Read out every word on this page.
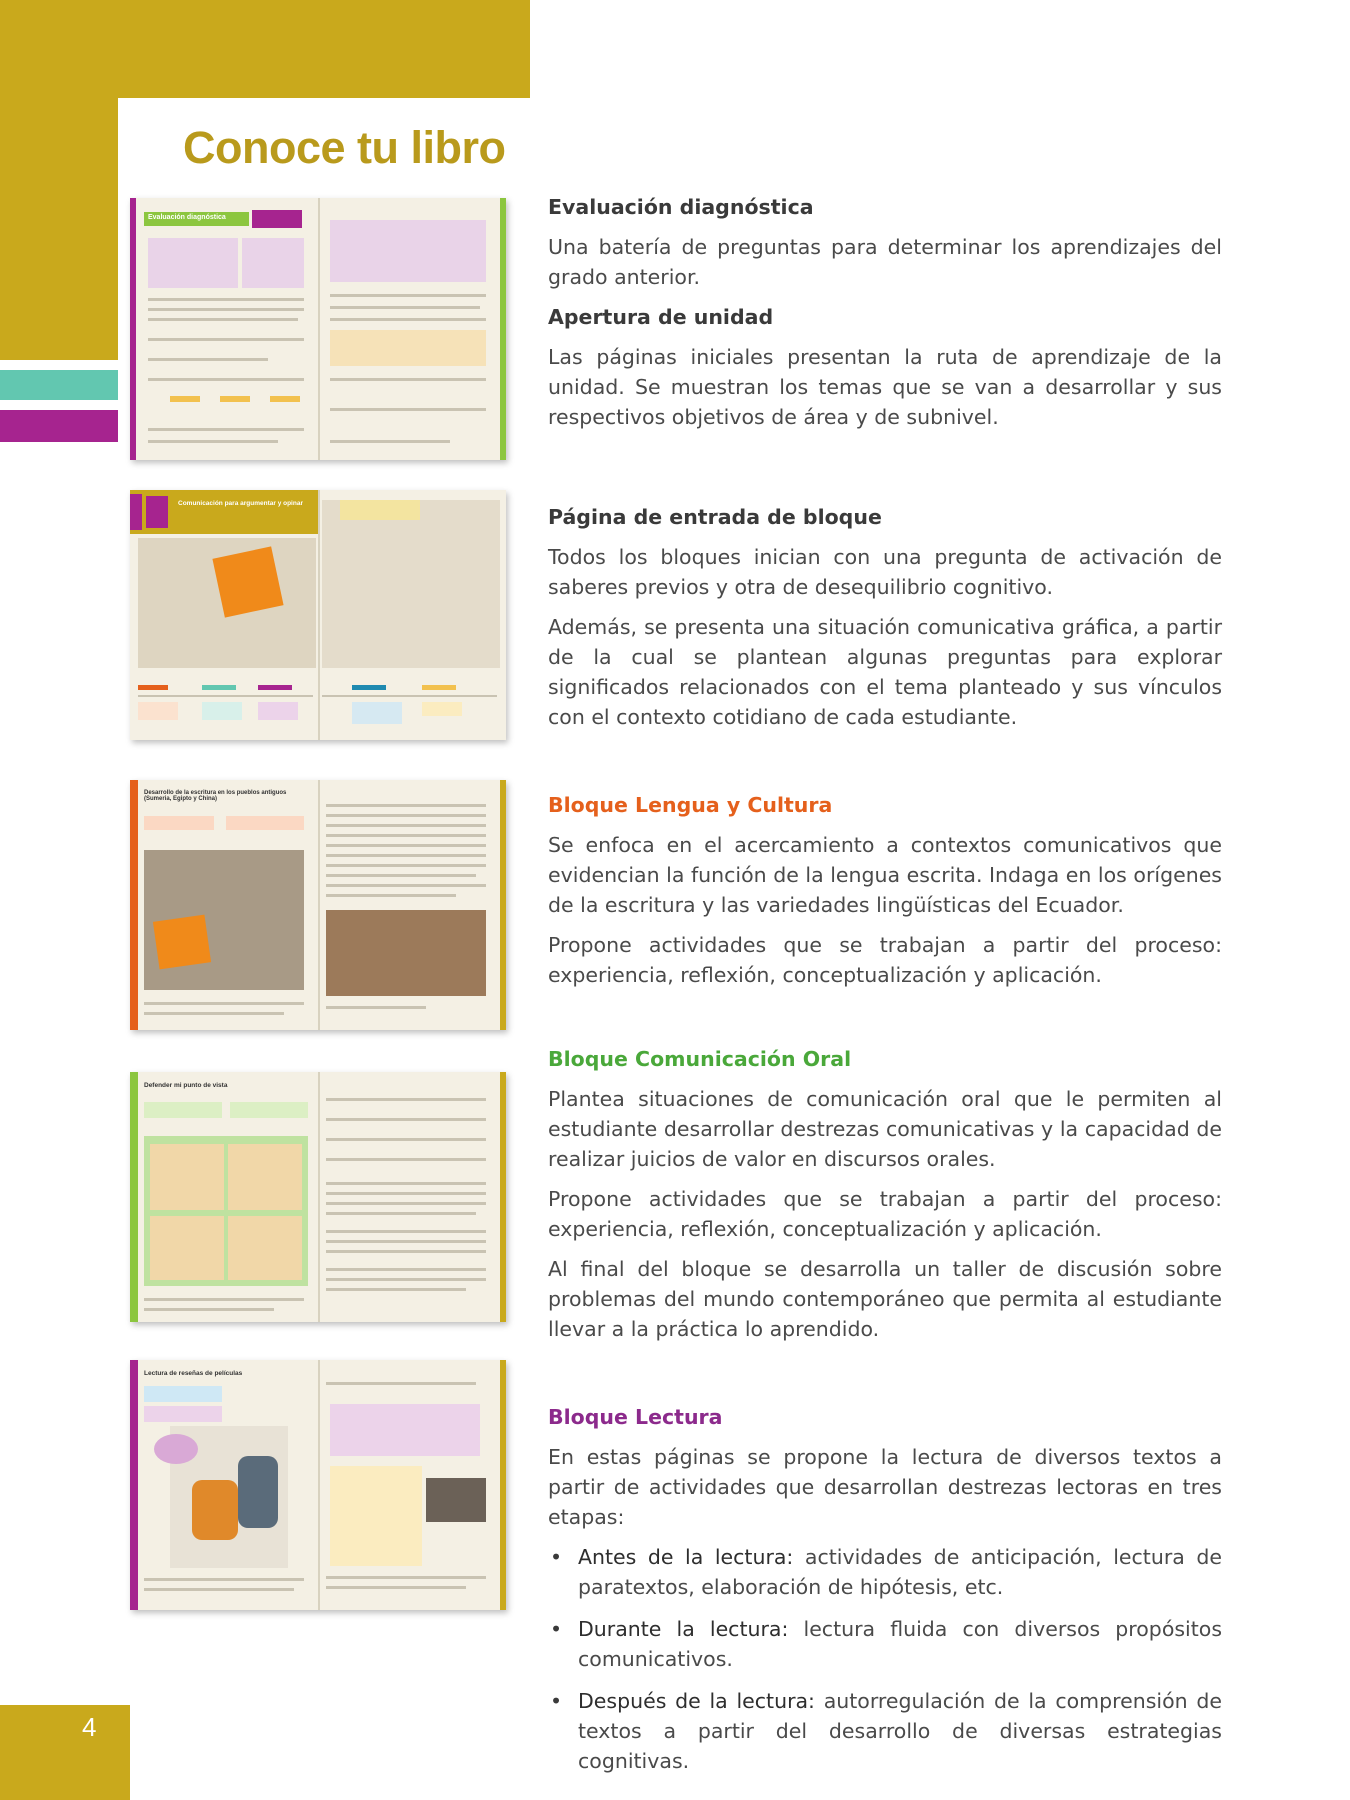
4
Conoce tu libro
Evaluación diagnóstica
Comunicación para argumentar y opinar
Desarrollo de la escritura en los pueblos antiguos (Sumeria, Egipto y China)
Defender mi punto de vista
Lectura de reseñas de películas
Evaluación diagnóstica

Una batería de preguntas para determinar los aprendizajes del grado anterior.

Apertura de unidad

Las páginas iniciales presentan la ruta de aprendizaje de la unidad. Se muestran los temas que se van a desarrollar y sus respectivos objetivos de área y de subnivel.

Página de entrada de bloque

Todos los bloques inician con una pregunta de activación de saberes previos y otra de desequilibrio cognitivo.

Además, se presenta una situación comunicativa gráfica, a partir de la cual se plantean algunas preguntas para explorar significados relacionados con el tema planteado y sus vínculos con el contexto cotidiano de cada estudiante.

Bloque Lengua y Cultura

Se enfoca en el acercamiento a contextos comunicativos que evidencian la función de la lengua escrita. Indaga en los orígenes de la escritura y las variedades lingüísticas del Ecuador.

Propone actividades que se trabajan a partir del proceso: experiencia, reflexión, conceptualización y aplicación.

Bloque Comunicación Oral

Plantea situaciones de comunicación oral que le permiten al estudiante desarrollar destrezas comunicativas y la capacidad de realizar juicios de valor en discursos orales.

Propone actividades que se trabajan a partir del proceso: experiencia, reflexión, conceptualización y aplicación.

Al final del bloque se desarrolla un taller de discusión sobre problemas del mundo contemporáneo que permita al estudiante llevar a la práctica lo aprendido.

Bloque Lectura

En estas páginas se propone la lectura de diversos textos a partir de actividades que desarrollan destrezas lectoras en tres etapas:

• Antes de la lectura: actividades de anticipación, lectura de paratextos, elaboración de hipótesis, etc.
• Durante la lectura: lectura fluida con diversos propósitos comunicativos.
• Después de la lectura: autorregulación de la comprensión de textos a partir del desarrollo de diversas estrategias cognitivas.
